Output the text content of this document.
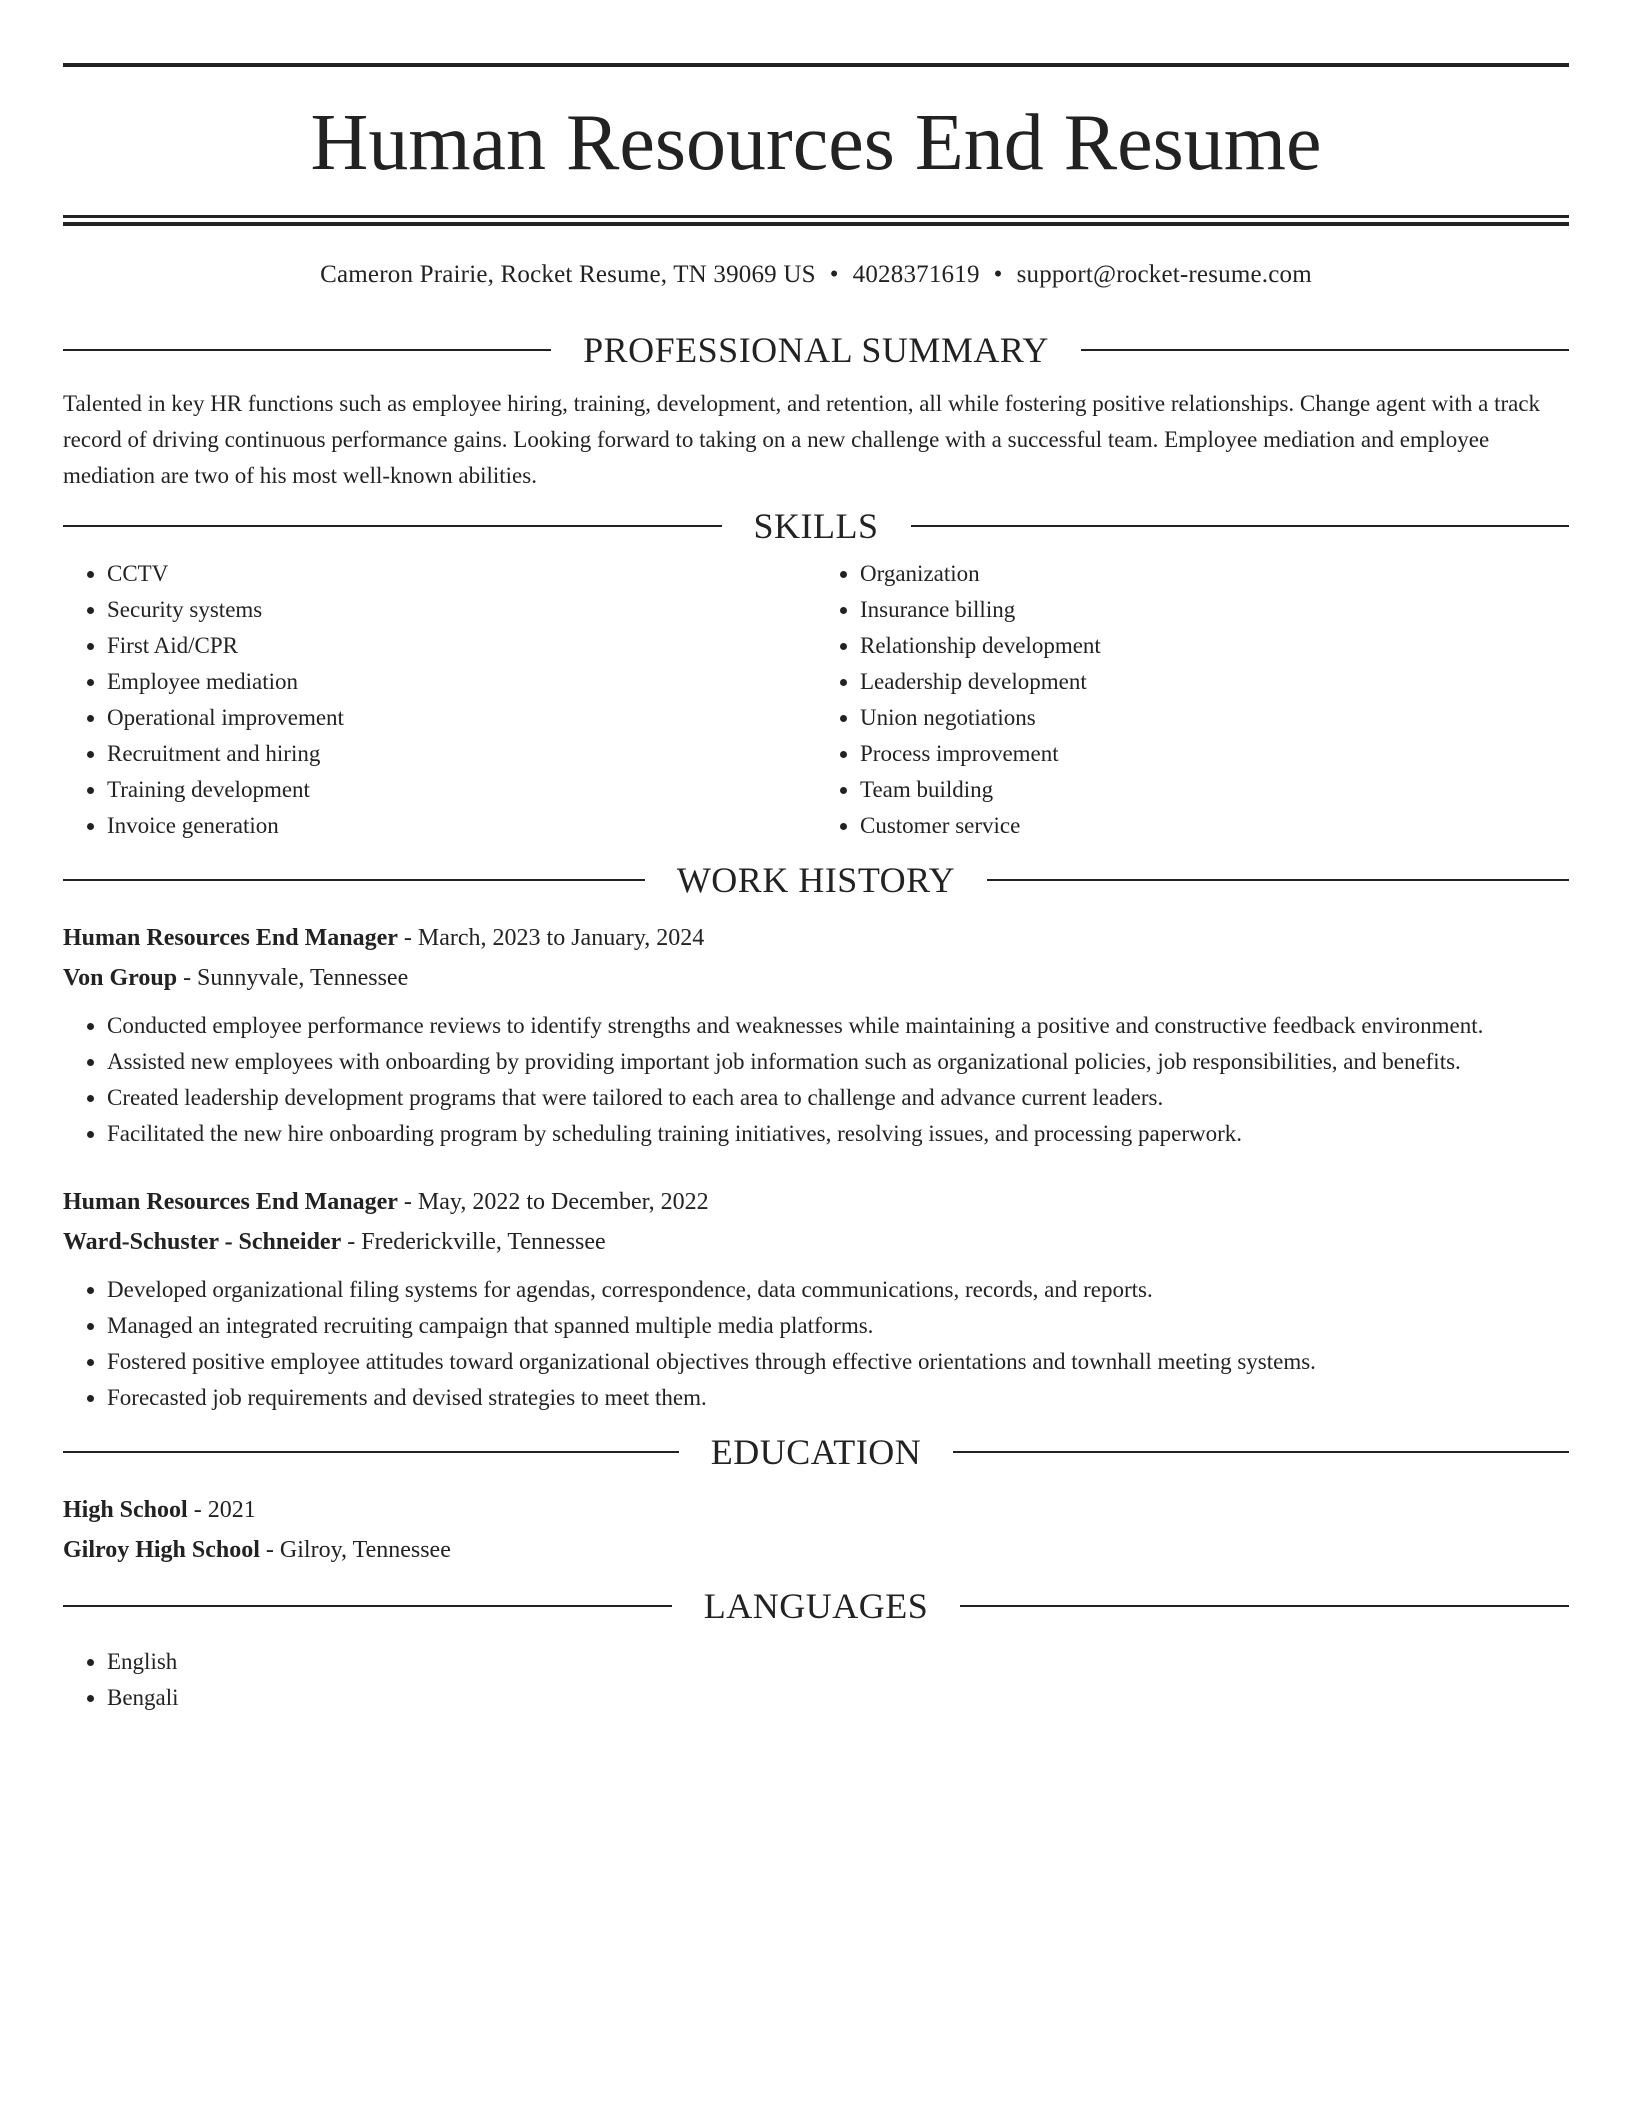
Human Resources End Resume
Cameron Prairie, Rocket Resume, TN 39069 US • 4028371619 • support@rocket-resume.com
PROFESSIONAL SUMMARY

Talented in key HR functions such as employee hiring, training, development, and retention, all while fostering positive relationships. Change agent with a track record of driving continuous performance gains. Looking forward to taking on a new challenge with a successful team. Employee mediation and employee mediation are two of his most well-known abilities.

SKILLS
• CCTV
• Security systems
• First Aid/CPR
• Employee mediation
• Operational improvement
• Recruitment and hiring
• Training development
• Invoice generation
• Organization
• Insurance billing
• Relationship development
• Leadership development
• Union negotiations
• Process improvement
• Team building
• Customer service
WORK HISTORY
Human Resources End Manager - March, 2023 to January, 2024
Von Group - Sunnyvale, Tennessee
• Conducted employee performance reviews to identify strengths and weaknesses while maintaining a positive and constructive feedback environment.
• Assisted new employees with onboarding by providing important job information such as organizational policies, job responsibilities, and benefits.
• Created leadership development programs that were tailored to each area to challenge and advance current leaders.
• Facilitated the new hire onboarding program by scheduling training initiatives, resolving issues, and processing paperwork.
Human Resources End Manager - May, 2022 to December, 2022
Ward-Schuster - Schneider - Frederickville, Tennessee
• Developed organizational filing systems for agendas, correspondence, data communications, records, and reports.
• Managed an integrated recruiting campaign that spanned multiple media platforms.
• Fostered positive employee attitudes toward organizational objectives through effective orientations and townhall meeting systems.
• Forecasted job requirements and devised strategies to meet them.
EDUCATION
High School - 2021
Gilroy High School - Gilroy, Tennessee
LANGUAGES
• English
• Bengali
